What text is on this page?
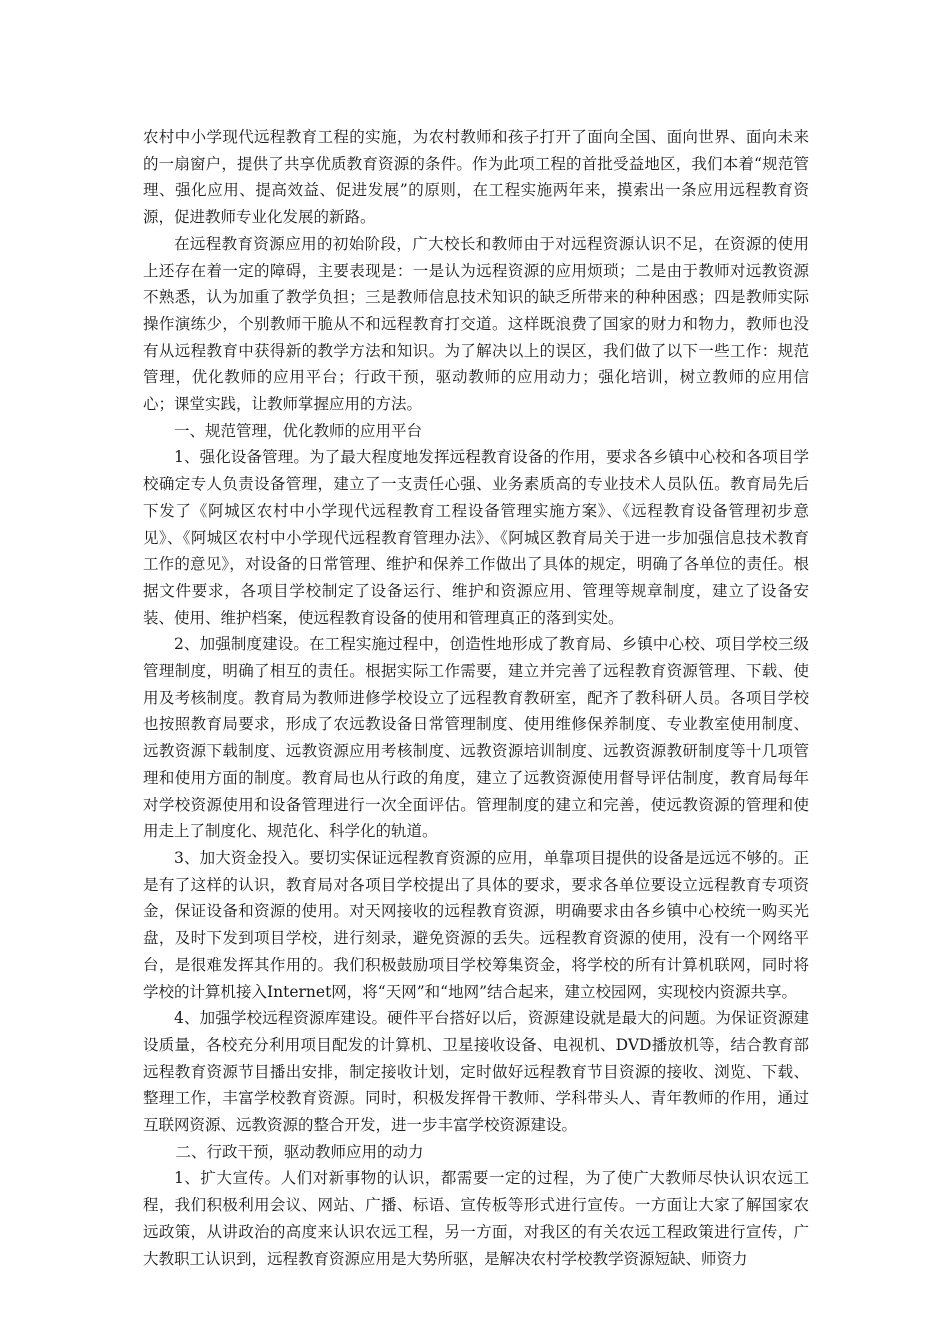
农村中小学现代远程教育工程的实施，为农村教师和孩子打开了面向全国、面向世界、面向未来的一扇窗户，提供了共享优质教育资源的条件。作为此项工程的首批受益地区，我们本着“规范管理、强化应用、提高效益、促进发展”的原则，在工程实施两年来，摸索出一条应用远程教育资源，促进教师专业化发展的新路。

在远程教育资源应用的初始阶段，广大校长和教师由于对远程资源认识不足，在资源的使用上还存在着一定的障碍，主要表现是：一是认为远程资源的应用烦琐；二是由于教师对远教资源不熟悉，认为加重了教学负担；三是教师信息技术知识的缺乏所带来的种种困惑；四是教师实际操作演练少，个别教师干脆从不和远程教育打交道。这样既浪费了国家的财力和物力，教师也没有从远程教育中获得新的教学方法和知识。为了解决以上的误区，我们做了以下一些工作：规范管理，优化教师的应用平台；行政干预，驱动教师的应用动力；强化培训，树立教师的应用信心；课堂实践，让教师掌握应用的方法。

一、规范管理，优化教师的应用平台

1、强化设备管理。为了最大程度地发挥远程教育设备的作用，要求各乡镇中心校和各项目学校确定专人负责设备管理，建立了一支责任心强、业务素质高的专业技术人员队伍。教育局先后下发了《阿城区农村中小学现代远程教育工程设备管理实施方案》、《远程教育设备管理初步意见》、《阿城区农村中小学现代远程教育管理办法》、《阿城区教育局关于进一步加强信息技术教育工作的意见》，对设备的日常管理、维护和保养工作做出了具体的规定，明确了各单位的责任。根据文件要求，各项目学校制定了设备运行、维护和资源应用、管理等规章制度，建立了设备安装、使用、维护档案，使远程教育设备的使用和管理真正的落到实处。

2、加强制度建设。在工程实施过程中，创造性地形成了教育局、乡镇中心校、项目学校三级管理制度，明确了相互的责任。根据实际工作需要，建立并完善了远程教育资源管理、下载、使用及考核制度。教育局为教师进修学校设立了远程教育教研室，配齐了教科研人员。各项目学校也按照教育局要求，形成了农远教设备日常管理制度、使用维修保养制度、专业教室使用制度、远教资源下载制度、远教资源应用考核制度、远教资源培训制度、远教资源教研制度等十几项管理和使用方面的制度。教育局也从行政的角度，建立了远教资源使用督导评估制度，教育局每年对学校资源使用和设备管理进行一次全面评估。管理制度的建立和完善，使远教资源的管理和使用走上了制度化、规范化、科学化的轨道。

3、加大资金投入。要切实保证远程教育资源的应用，单靠项目提供的设备是远远不够的。正是有了这样的认识，教育局对各项目学校提出了具体的要求，要求各单位要设立远程教育专项资金，保证设备和资源的使用。对天网接收的远程教育资源，明确要求由各乡镇中心校统一购买光盘，及时下发到项目学校，进行刻录，避免资源的丢失。远程教育资源的使用，没有一个网络平台，是很难发挥其作用的。我们积极鼓励项目学校筹集资金，将学校的所有计算机联网，同时将学校的计算机接入Internet网，将“天网”和“地网”结合起来，建立校园网，实现校内资源共享。

4、加强学校远程资源库建设。硬件平台搭好以后，资源建设就是最大的问题。为保证资源建设质量，各校充分利用项目配发的计算机、卫星接收设备、电视机、DVD播放机等，结合教育部远程教育资源节目播出安排，制定接收计划，定时做好远程教育节目资源的接收、浏览、下载、整理工作，丰富学校教育资源。同时，积极发挥骨干教师、学科带头人、青年教师的作用，通过互联网资源、远教资源的整合开发，进一步丰富学校资源建设。

二、行政干预，驱动教师应用的动力

1、扩大宣传。人们对新事物的认识，都需要一定的过程，为了使广大教师尽快认识农远工程，我们积极利用会议、网站、广播、标语、宣传板等形式进行宣传。一方面让大家了解国家农远政策，从讲政治的高度来认识农远工程，另一方面，对我区的有关农远工程政策进行宣传，广大教职工认识到，远程教育资源应用是大势所驱，是解决农村学校教学资源短缺、师资力
